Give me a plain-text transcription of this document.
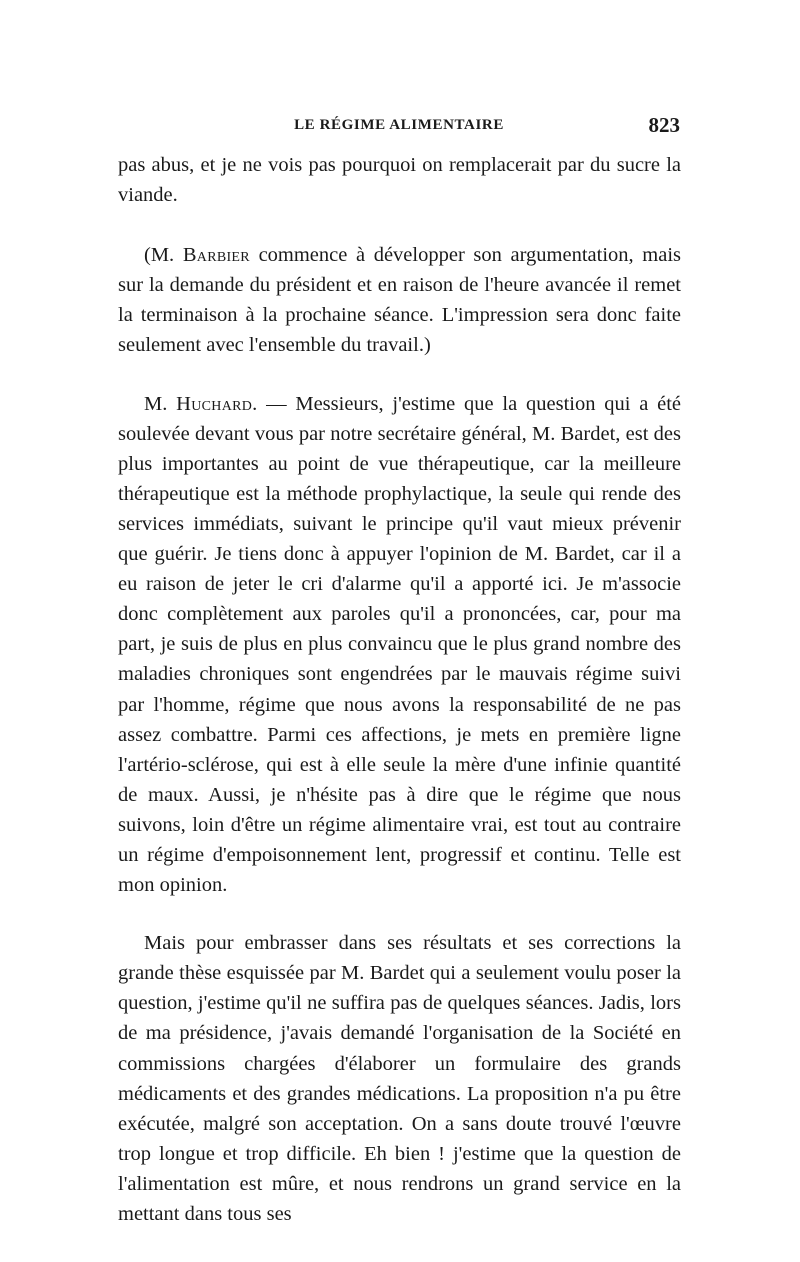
LE RÉGIME ALIMENTAIRE	823

pas abus, et je ne vois pas pourquoi on remplacerait par du sucre la viande.

(M. Barbier commence à développer son argumentation, mais sur la demande du président et en raison de l'heure avancée il remet la terminaison à la prochaine séance. L'impression sera donc faite seulement avec l'ensemble du travail.)

M. Huchard. — Messieurs, j'estime que la question qui a été soulevée devant vous par notre secrétaire général, M. Bardet, est des plus importantes au point de vue thérapeutique, car la meilleure thérapeutique est la méthode prophylactique, la seule qui rende des services immédiats, suivant le principe qu'il vaut mieux prévenir que guérir. Je tiens donc à appuyer l'opinion de M. Bardet, car il a eu raison de jeter le cri d'alarme qu'il a apporté ici. Je m'associe donc complètement aux paroles qu'il a prononcées, car, pour ma part, je suis de plus en plus convaincu que le plus grand nombre des maladies chroniques sont engendrées par le mauvais régime suivi par l'homme, régime que nous avons la responsabilité de ne pas assez combattre. Parmi ces affections, je mets en première ligne l'artério-sclérose, qui est à elle seule la mère d'une infinie quantité de maux. Aussi, je n'hésite pas à dire que le régime que nous suivons, loin d'être un régime alimentaire vrai, est tout au contraire un régime d'empoisonnement lent, progressif et continu. Telle est mon opinion.

Mais pour embrasser dans ses résultats et ses corrections la grande thèse esquissée par M. Bardet qui a seulement voulu poser la question, j'estime qu'il ne suffira pas de quelques séances. Jadis, lors de ma présidence, j'avais demandé l'organisation de la Société en commissions chargées d'élaborer un formulaire des grands médicaments et des grandes médications. La proposition n'a pu être exécutée, malgré son acceptation. On a sans doute trouvé l'œuvre trop longue et trop difficile. Eh bien ! j'estime que la question de l'alimentation est mûre, et nous rendrons un grand service en la mettant dans tous ses
